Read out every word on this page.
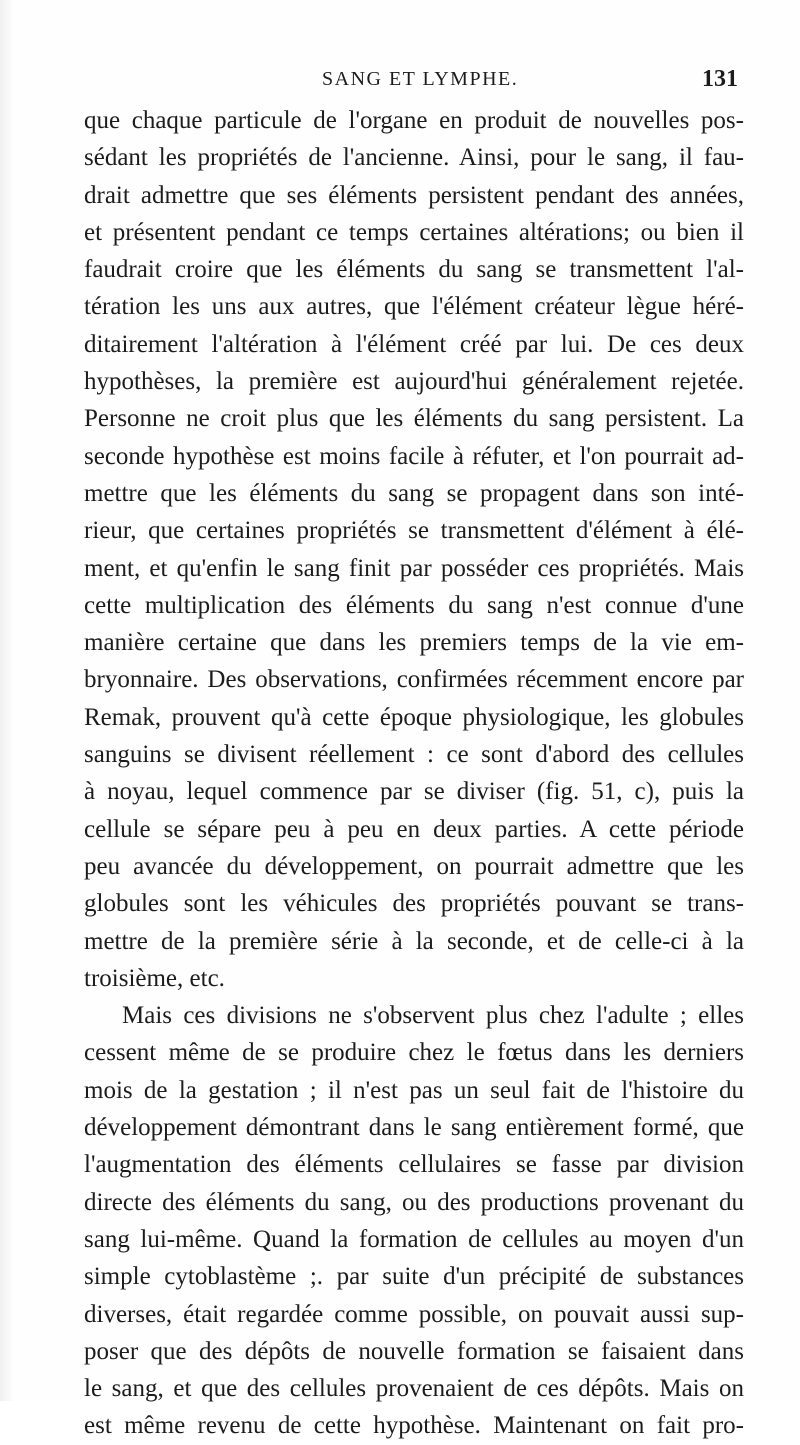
SANG ET LYMPHE.	131
que chaque particule de l'organe en produit de nouvelles pos-
sédant les propriétés de l'ancienne. Ainsi, pour le sang, il fau-
drait admettre que ses éléments persistent pendant des années,
et présentent pendant ce temps certaines altérations; ou bien il
faudrait croire que les éléments du sang se transmettent l'al-
tération les uns aux autres, que l'élément créateur lègue héré-
ditairement l'altération à l'élément créé par lui. De ces deux
hypothèses, la première est aujourd'hui généralement rejetée.
Personne ne croit plus que les éléments du sang persistent. La
seconde hypothèse est moins facile à réfuter, et l'on pourrait ad-
mettre que les éléments du sang se propagent dans son inté-
rieur, que certaines propriétés se transmettent d'élément à élé-
ment, et qu'enfin le sang finit par posséder ces propriétés. Mais
cette multiplication des éléments du sang n'est connue d'une
manière certaine que dans les premiers temps de la vie em-
bryonnaire. Des observations, confirmées récemment encore par
Remak, prouvent qu'à cette époque physiologique, les globules
sanguins se divisent réellement : ce sont d'abord des cellules
à noyau, lequel commence par se diviser (fig. 51, c), puis la
cellule se sépare peu à peu en deux parties. A cette période
peu avancée du développement, on pourrait admettre que les
globules sont les véhicules des propriétés pouvant se trans-
mettre de la première série à la seconde, et de celle-ci à la
troisième, etc.
Mais ces divisions ne s'observent plus chez l'adulte ; elles
cessent même de se produire chez le fœtus dans les derniers
mois de la gestation ; il n'est pas un seul fait de l'histoire du
développement démontrant dans le sang entièrement formé, que
l'augmentation des éléments cellulaires se fasse par division
directe des éléments du sang, ou des productions provenant du
sang lui-même. Quand la formation de cellules au moyen d'un
simple cytoblastème ;. par suite d'un précipité de substances
diverses, était regardée comme possible, on pouvait aussi sup-
poser que des dépôts de nouvelle formation se faisaient dans
le sang, et que des cellules provenaient de ces dépôts. Mais on
est même revenu de cette hypothèse. Maintenant on fait pro-
